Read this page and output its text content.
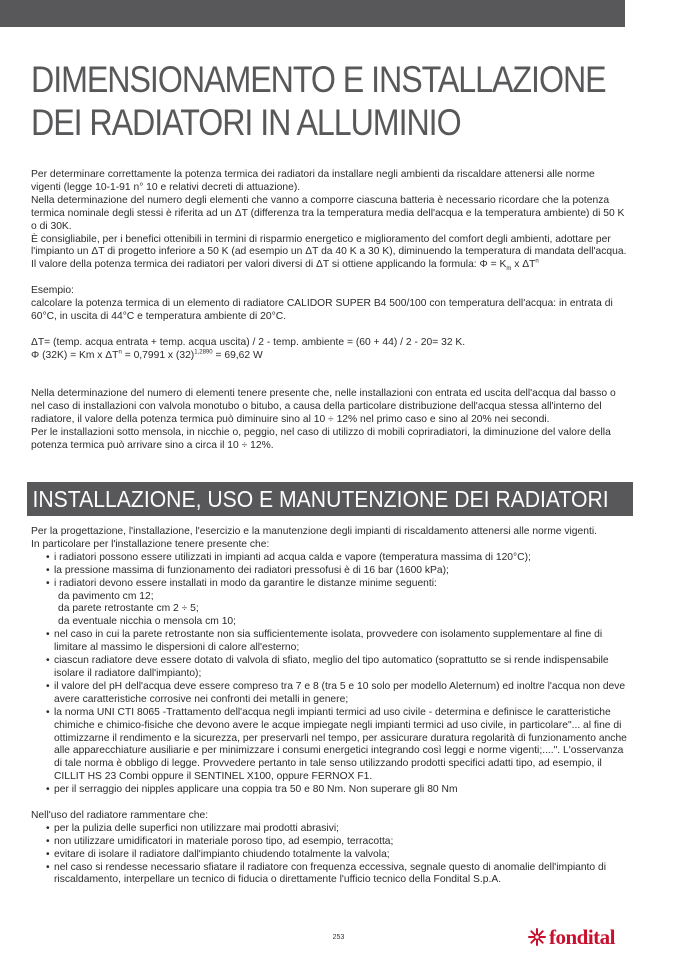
DIMENSIONAMENTO E INSTALLAZIONE
DEI RADIATORI IN ALLUMINIO

Per determinare correttamente la potenza termica dei radiatori da installare negli ambienti da riscaldare attenersi alle norme vigenti (legge 10-1-91 n° 10 e relativi decreti di attuazione).

Nella determinazione del numero degli elementi che vanno a comporre ciascuna batteria è necessario ricordare che la potenza termica nominale degli stessi è riferita ad un ΔT (differenza tra la temperatura media dell'acqua e la temperatura ambiente) di 50 K o di 30K.

È consigliabile, per i benefici ottenibili in termini di risparmio energetico e miglioramento del comfort degli ambienti, adottare per l'impianto un ΔT di progetto inferiore a 50 K (ad esempio un ΔT da 40 K a 30 K), diminuendo la temperatura di mandata dell'acqua.

Il valore della potenza termica dei radiatori per valori diversi di ΔT si ottiene applicando la formula: $\Phi = K_m$ x $\Delta T^n$

Esempio:

calcolare la potenza termica di un elemento di radiatore CALIDOR SUPER B4 500/100 con temperatura dell'acqua: in entrata di 60°C, in uscita di 44°C e temperatura ambiente di 20°C.

ΔT= (temp. acqua entrata + temp. acqua uscita) / 2 - temp. ambiente = (60 + 44) / 2 - 20= 32 K.

Φ (32K) = Km x $\Delta T^n = 0,7991$ x $(32)^{1,2890} = 69,62$ W

Nella determinazione del numero di elementi tenere presente che, nelle installazioni con entrata ed uscita dell'acqua dal basso o nel caso di installazioni con valvola monotubo o bitubo, a causa della particolare distribuzione dell'acqua stessa all'interno del radiatore, il valore della potenza termica può diminuire sino al 10 ÷ 12% nel primo caso e sino al 20% nei secondi.

Per le installazioni sotto mensola, in nicchie o, peggio, nel caso di utilizzo di mobili copriradiatori, la diminuzione del valore della potenza termica può arrivare sino a circa il 10 ÷ 12%.

INSTALLAZIONE, USO E MANUTENZIONE DEI RADIATORI

Per la progettazione, l'installazione, l'esercizio e la manutenzione degli impianti di riscaldamento attenersi alle norme vigenti.

In particolare per l'installazione tenere presente che:

• i radiatori possono essere utilizzati in impianti ad acqua calda e vapore (temperatura massima di 120°C);
• la pressione massima di funzionamento dei radiatori pressofusi è di 16 bar (1600 kPa);
• i radiatori devono essere installati in modo da garantire le distanze minime seguenti:
da pavimento cm 12;
da parete retrostante cm 2 ÷ 5;
da eventuale nicchia o mensola cm 10;
• nel caso in cui la parete retrostante non sia sufficientemente isolata, provvedere con isolamento supplementare al fine di limitare al massimo le dispersioni di calore all'esterno;
• ciascun radiatore deve essere dotato di valvola di sfiato, meglio del tipo automatico (soprattutto se si rende indispensabile isolare il radiatore dall'impianto);
• il valore del pH dell'acqua deve essere compreso tra 7 e 8 (tra 5 e 10 solo per modello Aleternum) ed inoltre l'acqua non deve avere caratteristiche corrosive nei confronti dei metalli in genere;
• la norma UNI CTI 8065 -Trattamento dell'acqua negli impianti termici ad uso civile - determina e definisce le caratteristiche chimiche e chimico-fisiche che devono avere le acque impiegate negli impianti termici ad uso civile, in particolare"... al fine di ottimizzarne il rendimento e la sicurezza, per preservarli nel tempo, per assicurare duratura regolarità di funzionamento anche alle apparecchiature ausiliarie e per minimizzare i consumi energetici integrando così leggi e norme vigenti;....". L'osservanza di tale norma è obbligo di legge. Provvedere pertanto in tale senso utilizzando prodotti specifici adatti tipo, ad esempio, il CILLIT HS 23 Combi oppure il SENTINEL X100, oppure FERNOX F1.
• per il serraggio dei nipples applicare una coppia tra 50 e 80 Nm. Non superare gli 80 Nm

Nell'uso del radiatore rammentare che:

• per la pulizia delle superfici non utilizzare mai prodotti abrasivi;
• non utilizzare umidificatori in materiale poroso tipo, ad esempio, terracotta;
• evitare di isolare il radiatore dall'impianto chiudendo totalmente la valvola;
• nel caso si rendesse necessario sfiatare il radiatore con frequenza eccessiva, segnale questo di anomalie dell'impianto di riscaldamento, interpellare un tecnico di fiducia o direttamente l'ufficio tecnico della Fondital S.p.A.
253	fondital
